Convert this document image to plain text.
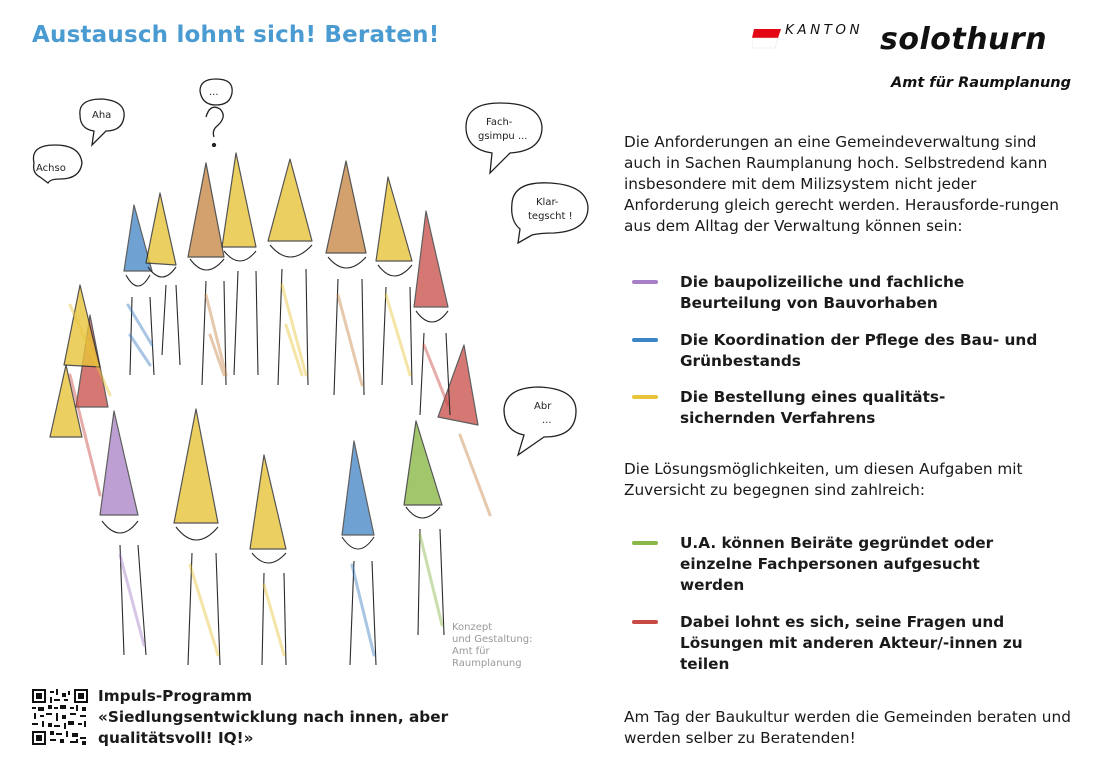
Austausch lohnt sich! Beraten!	KANTON solothurn
Amt für Raumplanung
Achso
Aha
...
Fach-
gsimpu ...
Klar-
tegscht !
Abr
...
Konzept
und Gestaltung:
Amt für
Raumplanung
Die Anforderungen an eine Gemeindeverwaltung sind auch in Sachen Raumplanung hoch. Selbstredend kann insbesondere mit dem Milizsystem nicht jeder Anforderung gleich gerecht werden. Herausforde-rungen aus dem Alltag der Verwaltung können sein:
Die baupolizeiliche und fachliche Beurteilung von Bauvorhaben
Die Koordination der Pflege des Bau- und Grünbestands
Die Bestellung eines qualitäts-sichernden Verfahrens
Die Lösungsmöglichkeiten, um diesen Aufgaben mit Zuversicht zu begegnen sind zahlreich:
U.A. können Beiräte gegründet oder einzelne Fachpersonen aufgesucht werden
Dabei lohnt es sich, seine Fragen und Lösungen mit anderen Akteur/-innen zu teilen
Am Tag der Baukultur werden die Gemeinden beraten und werden selber zu Beratenden!
Impuls-Programm
«Siedlungsentwicklung nach innen, aber qualitätsvoll! IQ!»
